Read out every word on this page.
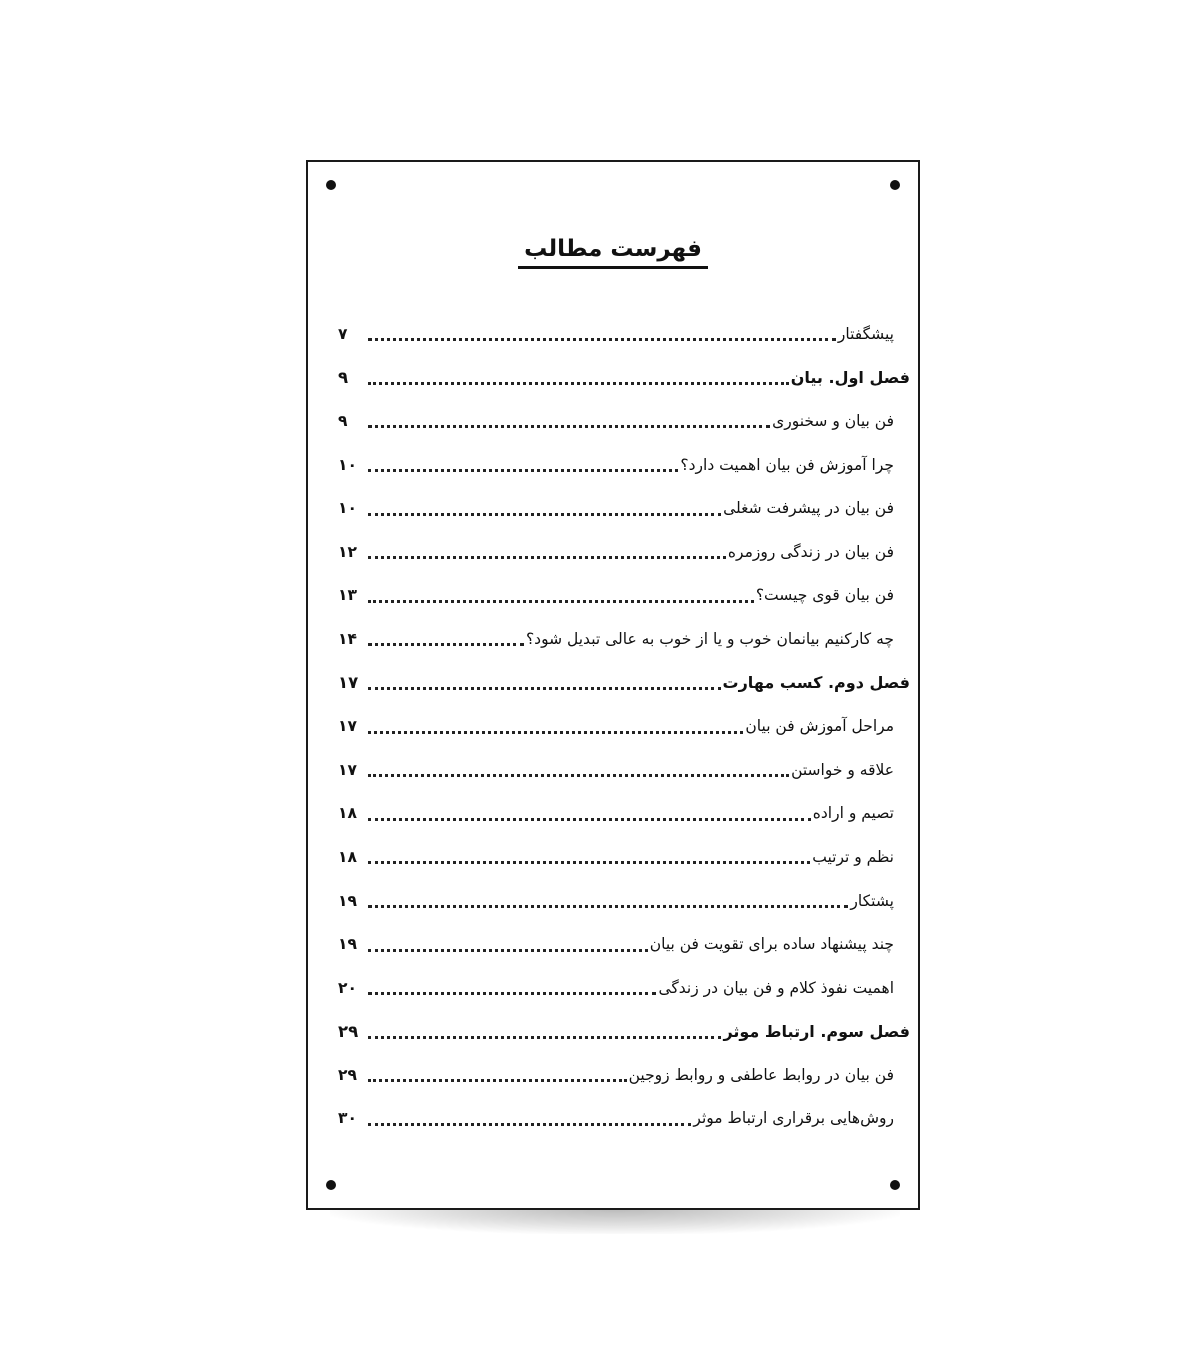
فهرست مطالب
پیشگفتار
۷
فصل اول. بیان
۹
فن بیان و سخنوری
۹
چرا آموزش فن بیان اهمیت دارد؟
۱۰
فن بیان در پیشرفت شغلی
۱۰
فن بیان در زندگی روزمره
۱۲
فن بیان قوی چیست؟
۱۳
چه کارکنیم بیانمان خوب و یا از خوب به عالی تبدیل شود؟
۱۴
فصل دوم. کسب مهارت
۱۷
مراحل آموزش فن بیان
۱۷
علاقه و خواستن
۱۷
تصیم و اراده
۱۸
نظم و ترتیب
۱۸
پشتکار
۱۹
چند پیشنهاد ساده برای تقویت فن بیان
۱۹
اهمیت نفوذ کلام و فن بیان در زندگی
۲۰
فصل سوم. ارتباط موثر
۲۹
فن بیان در روابط عاطفی و روابط زوجین
۲۹
روش‌هایی برقراری ارتباط موثر
۳۰
